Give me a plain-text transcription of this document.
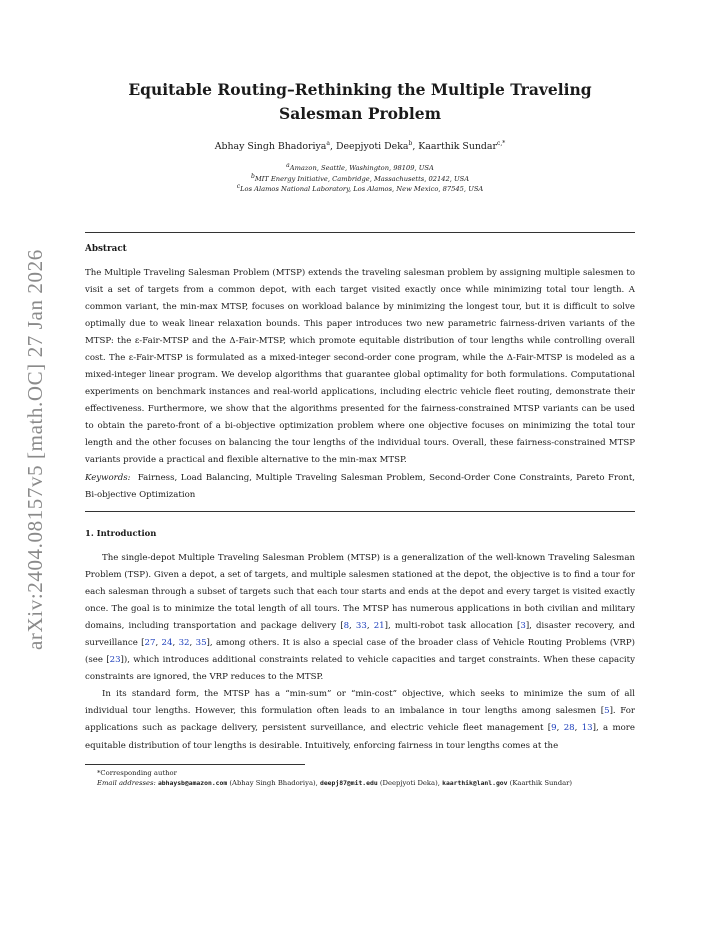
arXiv:2404.08157v5 [math.OC] 27 Jan 2026
Equitable Routing–Rethinking the Multiple Traveling Salesman Problem
Abhay Singh Bhadoriya$^a$, Deepjyoti Deka$^b$, Kaarthik Sundar$^{c,*}$
$^a$Amazon, Seattle, Washington, 98109, USA
$^b$MIT Energy Initiative, Cambridge, Massachusetts, 02142, USA
$^c$Los Alamos National Laboratory, Los Alamos, New Mexico, 87545, USA
Abstract
The Multiple Traveling Salesman Problem (MTSP) extends the traveling salesman problem by assigning multiple salesmen to visit a set of targets from a common depot, with each target visited exactly once while minimizing total tour length. A common variant, the min-max MTSP, focuses on workload balance by minimizing the longest tour, but it is difficult to solve optimally due to weak linear relaxation bounds. This paper introduces two new parametric fairness-driven variants of the MTSP: the ε-Fair-MTSP and the Δ-Fair-MTSP, which promote equitable distribution of tour lengths while controlling overall cost. The ε-Fair-MTSP is formulated as a mixed-integer second-order cone program, while the Δ-Fair-MTSP is modeled as a mixed-integer linear program. We develop algorithms that guarantee global optimality for both formulations. Computational experiments on benchmark instances and real-world applications, including electric vehicle fleet routing, demonstrate their effectiveness. Furthermore, we show that the algorithms presented for the fairness-constrained MTSP variants can be used to obtain the pareto-front of a bi-objective optimization problem where one objective focuses on minimizing the total tour length and the other focuses on balancing the tour lengths of the individual tours. Overall, these fairness-constrained MTSP variants provide a practical and flexible alternative to the min-max MTSP.
Keywords: Fairness, Load Balancing, Multiple Traveling Salesman Problem, Second-Order Cone Constraints, Pareto Front, Bi-objective Optimization
1. Introduction

The single-depot Multiple Traveling Salesman Problem (MTSP) is a generalization of the well-known Traveling Salesman Problem (TSP). Given a depot, a set of targets, and multiple salesmen stationed at the depot, the objective is to find a tour for each salesman through a subset of targets such that each tour starts and ends at the depot and every target is visited exactly once. The goal is to minimize the total length of all tours. The MTSP has numerous applications in both civilian and military domains, including transportation and package delivery [8, 33, 21], multi-robot task allocation [3], disaster recovery, and surveillance [27, 24, 32, 35], among others. It is also a special case of the broader class of Vehicle Routing Problems (VRP) (see [23]), which introduces additional constraints related to vehicle capacities and target constraints. When these capacity constraints are ignored, the VRP reduces to the MTSP.

In its standard form, the MTSP has a “min-sum” or “min-cost” objective, which seeks to minimize the sum of all individual tour lengths. However, this formulation often leads to an imbalance in tour lengths among salesmen [5]. For applications such as package delivery, persistent surveillance, and electric vehicle fleet management [9, 28, 13], a more equitable distribution of tour lengths is desirable. Intuitively, enforcing fairness in tour lengths comes at the

*Corresponding author
Email addresses: abhaysb@amazon.com (Abhay Singh Bhadoriya), deepj87@mit.edu (Deepjyoti Deka), kaarthik@lanl.gov (Kaarthik Sundar)
